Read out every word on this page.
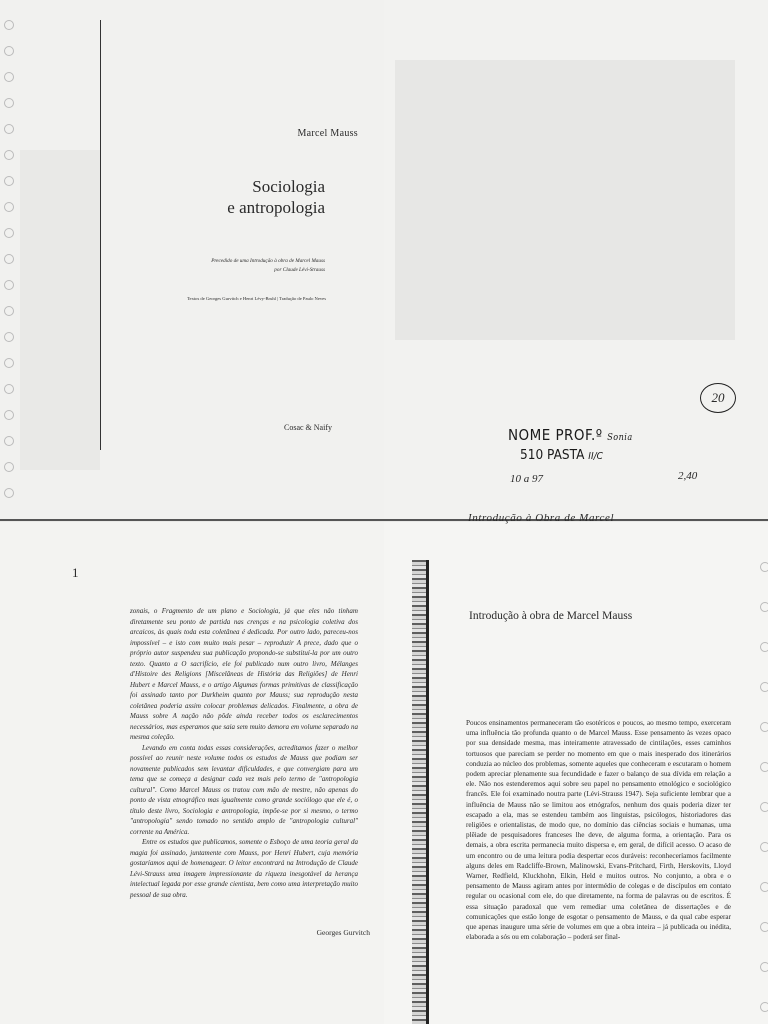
Marcel Mauss
Sociologia
e antropologia
Precedido de uma Introdução à obra de Marcel Mauss
por Claude Lévi-Strauss
Textos de Georges Gurvitch e Henri Lévy-Bruhl | Tradução de Paulo Neves
Cosac & Naify
20
NOME PROF.º Sonia
510 PASTA II/C
10 a 97	2,40
Introdução à Obra de Marcel
1

zonais, o Fragmento de um plano e Sociologia, já que eles não tinham diretamente seu ponto de partida nas crenças e na psicologia coletiva dos arcaicos, às quais toda esta coletânea é dedicada. Por outro lado, pareceu-nos impossível – e isto com muito mais pesar – reproduzir A prece, dado que o próprio autor suspendeu sua publicação propondo-se substituí-la por um outro texto. Quanto a O sacrifício, ele foi publicado num outro livro, Mélanges d'Histoire des Religions [Miscelâneas de História das Religiões] de Henri Hubert e Marcel Mauss, e o artigo Algumas formas primitivas de classificação foi assinado tanto por Durkheim quanto por Mauss; sua reprodução nesta coletânea poderia assim colocar problemas delicados. Finalmente, a obra de Mauss sobre A nação não pôde ainda receber todos os esclarecimentos necessários, mas esperamos que saia sem muito demora em volume separado na mesma coleção.

Levando em conta todas essas considerações, acreditamos fazer o melhor possível ao reunir neste volume todos os estudos de Mauss que podiam ser novamente publicados sem levantar dificuldades, e que convergiam para um tema que se começa a designar cada vez mais pelo termo de "antropologia cultural". Como Marcel Mauss os tratou com mão de mestre, não apenas do ponto de vista etnográfico mas igualmente como grande sociólogo que ele é, o título deste livro, Sociologia e antropologia, impõe-se por si mesmo, o termo "antropologia" sendo tomado no sentido amplo de "antropologia cultural" corrente na América.

Entre os estudos que publicamos, somente o Esboço de uma teoria geral da magia foi assinado, juntamente com Mauss, por Henri Hubert, cuja memória gostaríamos aqui de homenagear. O leitor encontrará na Introdução de Claude Lévi-Strauss uma imagem impressionante da riqueza inesgotável da herança intelectual legada por esse grande cientista, bem como uma interpretação muito pessoal de sua obra.

Georges Gurvitch
Introdução à obra de Marcel Mauss
Poucos ensinamentos permaneceram tão esotéricos e poucos, ao mesmo tempo, exerceram uma influência tão profunda quanto o de Marcel Mauss. Esse pensamento às vezes opaco por sua densidade mesma, mas inteiramente atravessado de cintilações, esses caminhos tortuosos que pareciam se perder no momento em que o mais inesperado dos itinerários conduzia ao núcleo dos problemas, somente aqueles que conheceram e escutaram o homem podem apreciar plenamente sua fecundidade e fazer o balanço de sua dívida em relação a ele. Não nos estenderemos aqui sobre seu papel no pensamento etnológico e sociológico francês. Ele foi examinado noutra parte (Lévi-Strauss 1947). Seja suficiente lembrar que a influência de Mauss não se limitou aos etnógrafos, nenhum dos quais poderia dizer ter escapado a ela, mas se estendeu também aos linguistas, psicólogos, historiadores das religiões e orientalistas, de modo que, no domínio das ciências sociais e humanas, uma plêiade de pesquisadores franceses lhe deve, de alguma forma, a orientação. Para os demais, a obra escrita permanecia muito dispersa e, em geral, de difícil acesso. O acaso de um encontro ou de uma leitura podia despertar ecos duráveis: reconheceríamos facilmente alguns deles em Radcliffe-Brown, Malinowski, Evans-Pritchard, Firth, Herskovits, Lloyd Warner, Redfield, Kluckhohn, Elkin, Held e muitos outros. No conjunto, a obra e o pensamento de Mauss agiram antes por intermédio de colegas e de discípulos em contato regular ou ocasional com ele, do que diretamente, na forma de palavras ou de escritos. É essa situação paradoxal que vem remediar uma coletânea de dissertações e de comunicações que estão longe de esgotar o pensamento de Mauss, e da qual cabe esperar que apenas inaugure uma série de volumes em que a obra inteira – já publicada ou inédita, elaborada a sós ou em colaboração – poderá ser final-
